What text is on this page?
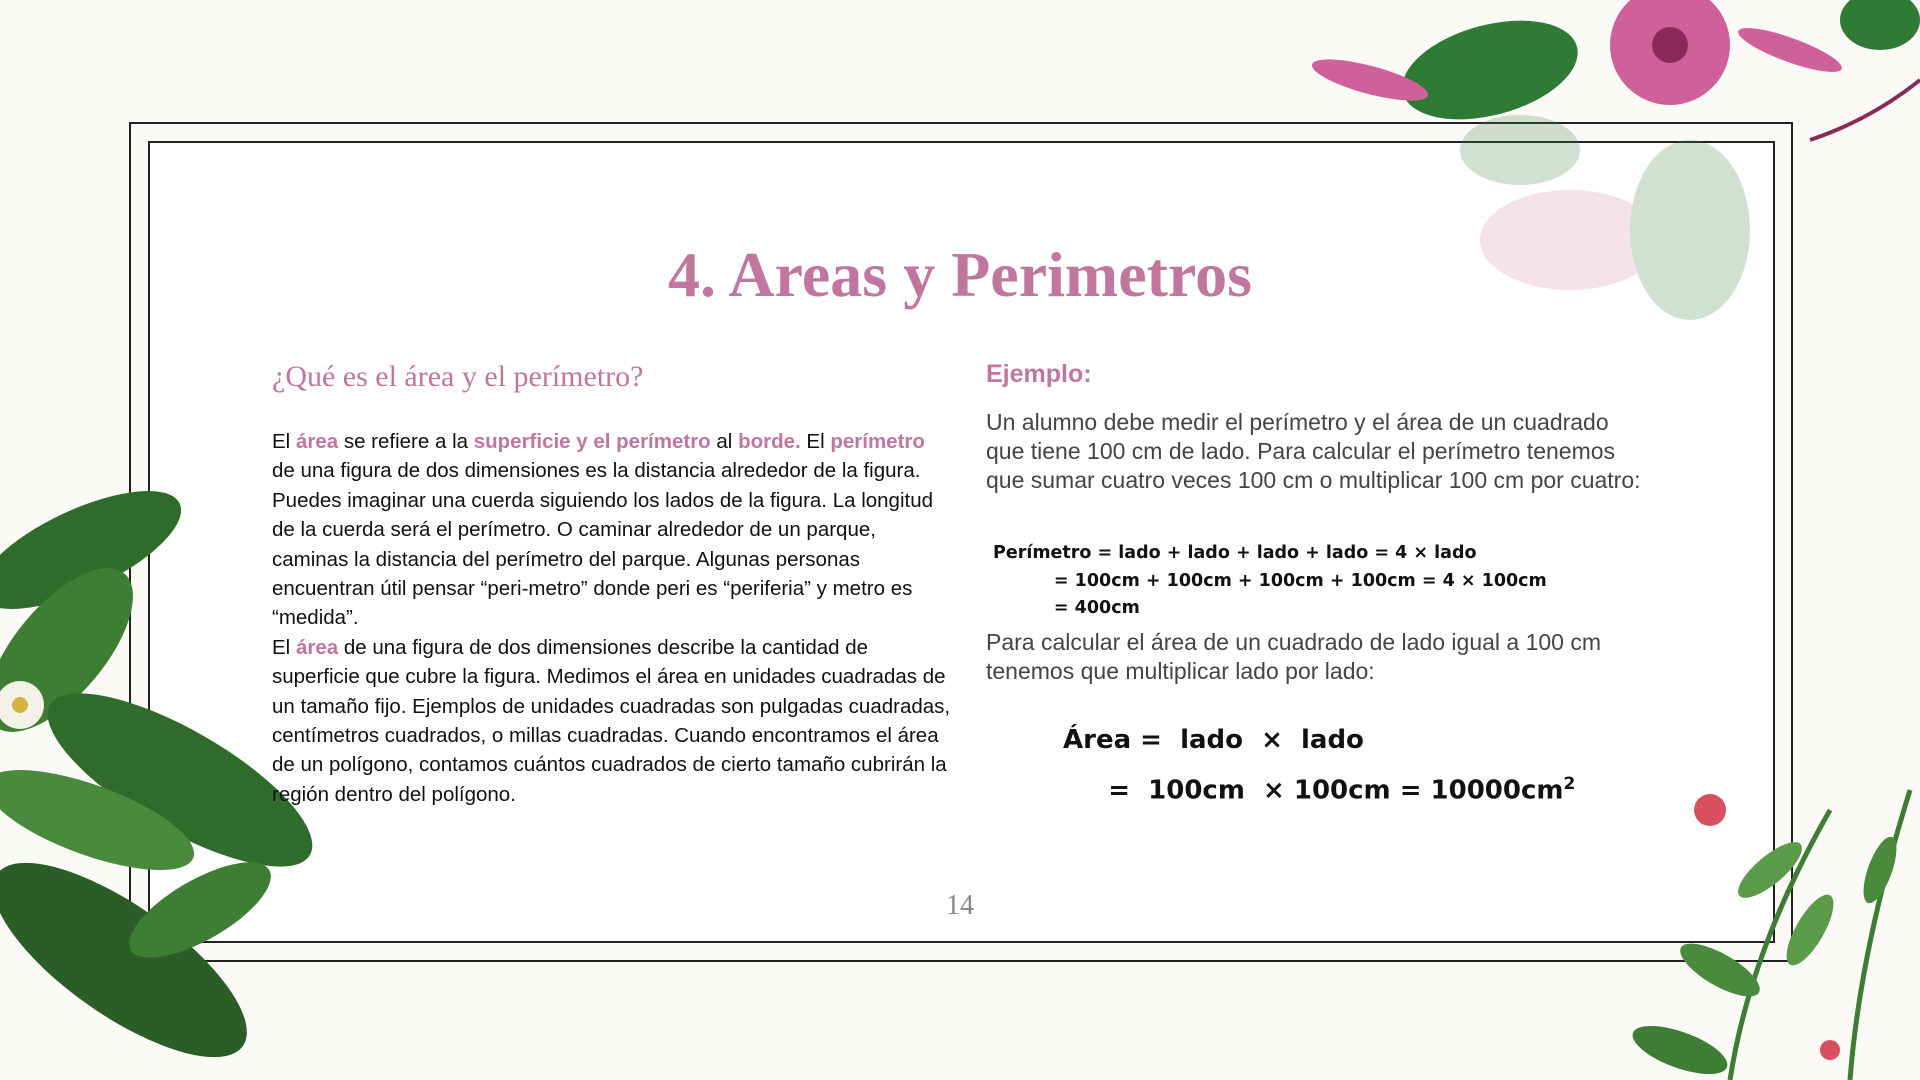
4. Areas y Perimetros
¿Qué es el área y el perímetro?
El área se refiere a la superficie y el perímetro al borde. El perímetro de una figura de dos dimensiones es la distancia alrededor de la figura. Puedes imaginar una cuerda siguiendo los lados de la figura. La longitud de la cuerda será el perímetro. O caminar alrededor de un parque, caminas la distancia del perímetro del parque. Algunas personas encuentran útil pensar “peri-metro” donde peri es “periferia” y metro es “medida”.
El área de una figura de dos dimensiones describe la cantidad de superficie que cubre la figura. Medimos el área en unidades cuadradas de un tamaño fijo. Ejemplos de unidades cuadradas son pulgadas cuadradas, centímetros cuadrados, o millas cuadradas. Cuando encontramos el área de un polígono, contamos cuántos cuadrados de cierto tamaño cubrirán la región dentro del polígono.
Ejemplo:
Un alumno debe medir el perímetro y el área de un cuadrado que tiene 100 cm de lado. Para calcular el perímetro tenemos que sumar cuatro veces 100 cm o multiplicar 100 cm por cuatro:
Perímetro = lado + lado + lado + lado = 4 × lado
= 100cm + 100cm + 100cm + 100cm = 4 × 100cm
= 400cm
Para calcular el área de un cuadrado de lado igual a 100 cm tenemos que multiplicar lado por lado:
Área =  lado  ×  lado
=  $100cm \times 100cm = 10000cm^2$
14
